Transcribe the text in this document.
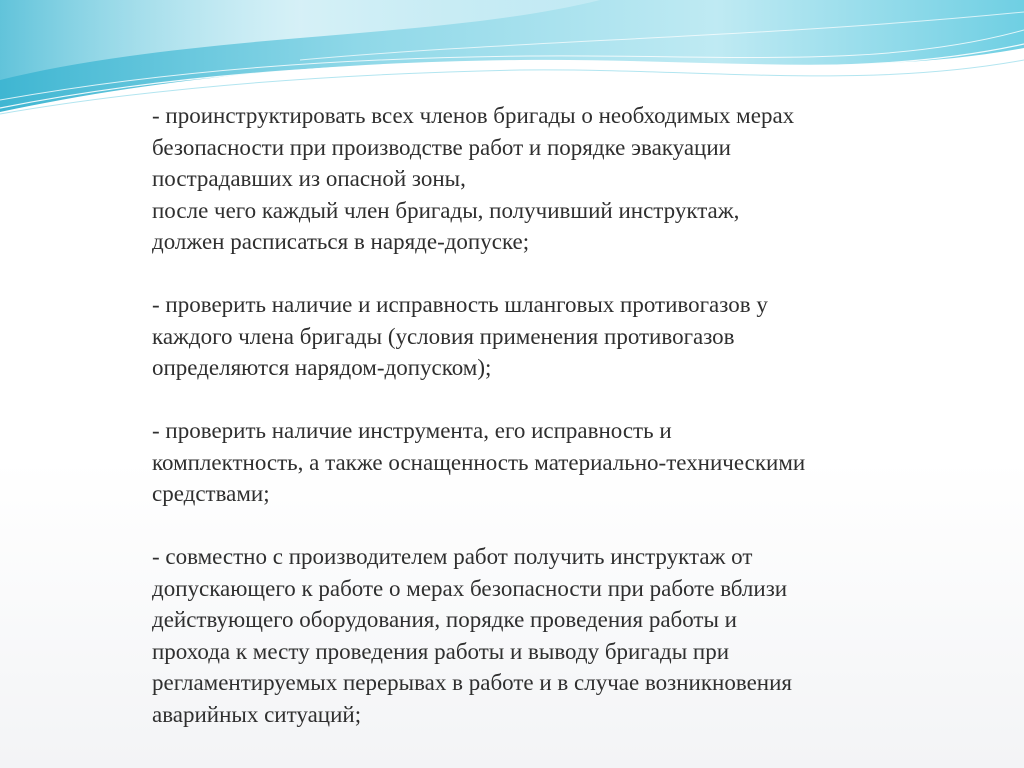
- проинструктировать всех членов бригады о необходимых мерах
безопасности при производстве работ и порядке эвакуации
пострадавших из опасной зоны,
после чего каждый член бригады, получивший инструктаж,
должен расписаться в наряде-допуске;

- проверить наличие и исправность шланговых противогазов у
каждого члена бригады (условия применения противогазов
определяются нарядом-допуском);

- проверить наличие инструмента, его исправность и
комплектность, а также оснащенность материально-техническими
средствами;

- совместно с производителем работ получить инструктаж от
допускающего к работе о мерах безопасности при работе вблизи
действующего оборудования, порядке проведения работы и
прохода к месту проведения работы и выводу бригады при
регламентируемых перерывах в работе и в случае возникновения
аварийных ситуаций;
